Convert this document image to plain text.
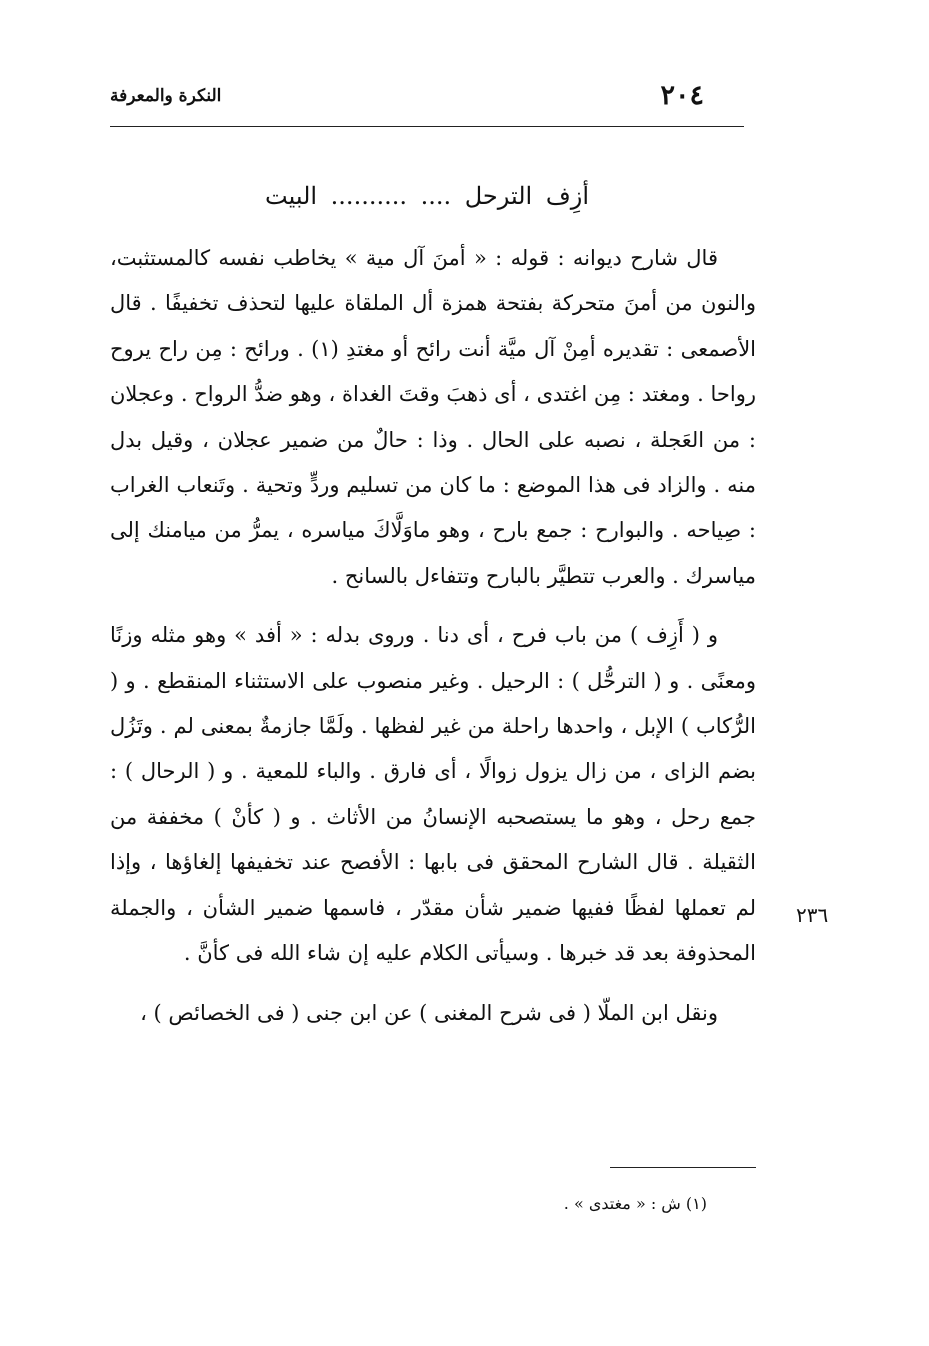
٢٠٤
النكرة والمعرفة
أزِف الترحل .... .......... البيت

قال شارح ديوانه : قوله : « أمنَ آل مية » يخاطب نفسه كالمستثبت، والنون من أمنَ متحركة بفتحة همزة أل الملقاة عليها لتحذف تخفيفًا . قال الأصمعى : تقديره أمِنْ آل ميَّة أنت رائح أو مغتدِ (١) . ورائح : مِن راح يروح رواحا . ومغتد : مِن اغتدى ، أى ذهبَ وقتَ الغداة ، وهو ضدُّ الرواح . وعجلان : من العَجلة ، نصبه على الحال . وذا : حالٌ من ضمير عجلان ، وقيل بدل منه . والزاد فى هذا الموضع : ما كان من تسليم وردٍّ وتحية . وتَنعاب الغراب : صِياحه . والبوارح : جمع بارح ، وهو ماوَلَّاكَ مياسره ، يمرُّ من ميامنك إلى مياسرك . والعرب تتطيَّر بالبارح وتتفاءل بالسانح .

و ( أَزِف ) من باب فرح ، أى دنا . وروى بدله : « أفد » وهو مثله وزنًا ومعنًى . و ( الترحُّل ) : الرحيل . وغير منصوب على الاستثناء المنقطع . و ( الرُّكاب ) الإبل ، واحدها راحلة من غير لفظها . ولَمَّا جازمةٌ بمعنى لم . وتَزُل بضم الزاى ، من زال يزول زوالًا ، أى فارق . والباء للمعية . و ( الرحال ) : جمع رحل ، وهو ما يستصحبه الإنسانُ من الأثاث . و ( كأنْ ) مخففة من الثقيلة . قال الشارح المحقق فى بابها : الأفصح عند تخفيفها إلغاؤها ، وإذا لم تعملها لفظًا ففيها ضمير شأن مقدّر ، فاسمها ضمير الشأن ، والجملة المحذوفة بعد قد خبرها . وسيأتى الكلام عليه إن شاء الله فى كأنَّ .

ونقل ابن الملّا ( فى شرح المغنى ) عن ابن جنى ( فى الخصائص ) ،

٢٣٦
(١) ش : « مغتدى » .
